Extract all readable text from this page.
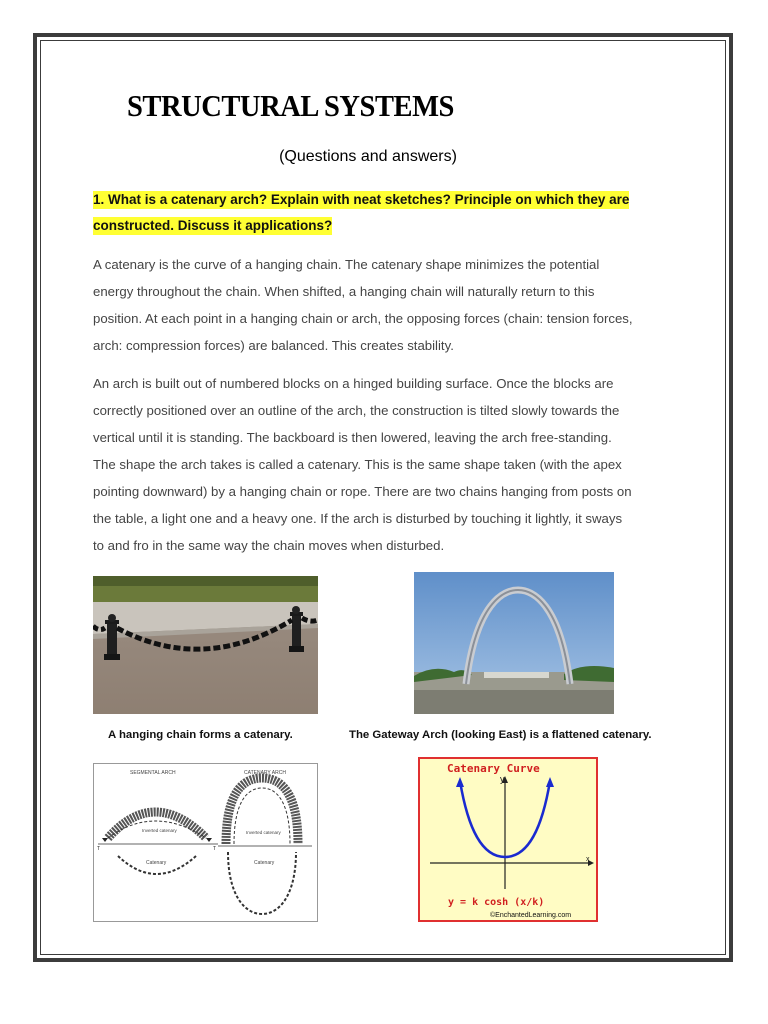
STRUCTURAL SYSTEMS
(Questions and answers)
1. What is a catenary arch? Explain with neat sketches? Principle on which they are
constructed. Discuss it applications?

A catenary is the curve of a hanging chain. The catenary shape minimizes the potential

energy throughout the chain. When shifted, a hanging chain will naturally return to this

position. At each point in a hanging chain or arch, the opposing forces (chain: tension forces,

arch: compression forces) are balanced. This creates stability.

An arch is built out of numbered blocks on a hinged building surface. Once the blocks are

correctly positioned over an outline of the arch, the construction is tilted slowly towards the

vertical until it is standing. The backboard is then lowered, leaving the arch free-standing.

The shape the arch takes is called a catenary. This is the same shape taken (with the apex

pointing downward) by a hanging chain or rope. There are two chains hanging from posts on

the table, a light one and a heavy one. If the arch is disturbed by touching it lightly, it sways

to and fro in the same way the chain moves when disturbed.

A hanging chain forms a catenary.	The Gateway Arch (looking East) is a flattened catenary.
SEGMENTAL ARCH	CATENARY ARCH
Inverted catenary
T	T
Catenary
Inverted catenary
Catenary
Catenary Curve
x
y
y = k cosh (x/k)
©EnchantedLearning.com
